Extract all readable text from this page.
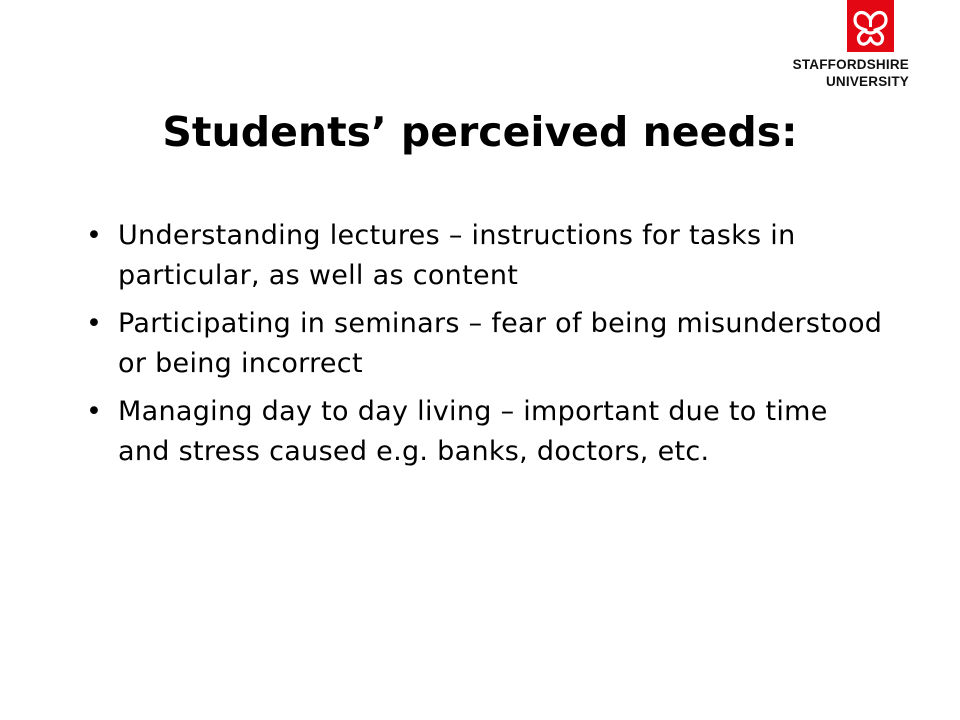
STAFFORDSHIRE
UNIVERSITY
Students’ perceived needs:
• Understanding lectures – instructions for tasks in particular, as well as content
• Participating in seminars – fear of being misunderstood or being incorrect
• Managing day to day living – important due to time and stress caused e.g. banks, doctors, etc.
